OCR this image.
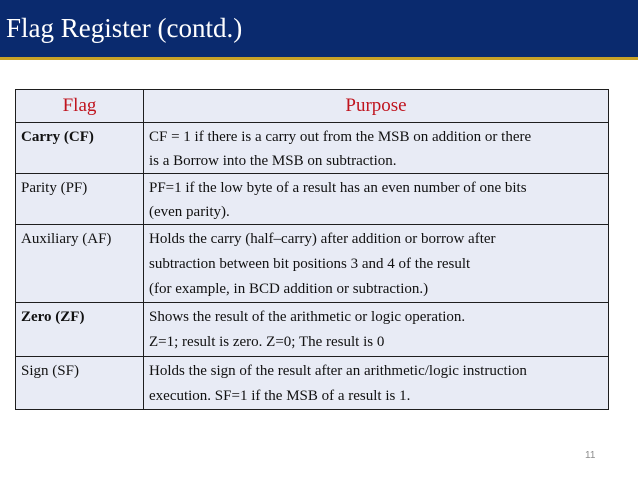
Flag Register (contd.)
Flag	Purpose
Carry (CF)	CF = 1 if there is a carry out from the MSB on addition or there
is a Borrow into the MSB on subtraction.

Parity (PF)	PF=1 if the low byte of a result has an even number of one bits
(even parity).

Auxiliary (AF)	Holds the carry (half–carry) after addition or borrow after
subtraction between bit positions 3 and 4 of the result
(for example, in BCD addition or subtraction.)

Zero (ZF)	Shows the result of the arithmetic or logic operation.
Z=1; result is zero. Z=0; The result is 0

Sign (SF)	Holds the sign of the result after an arithmetic/logic instruction
execution. SF=1 if the MSB of a result is 1.
11
